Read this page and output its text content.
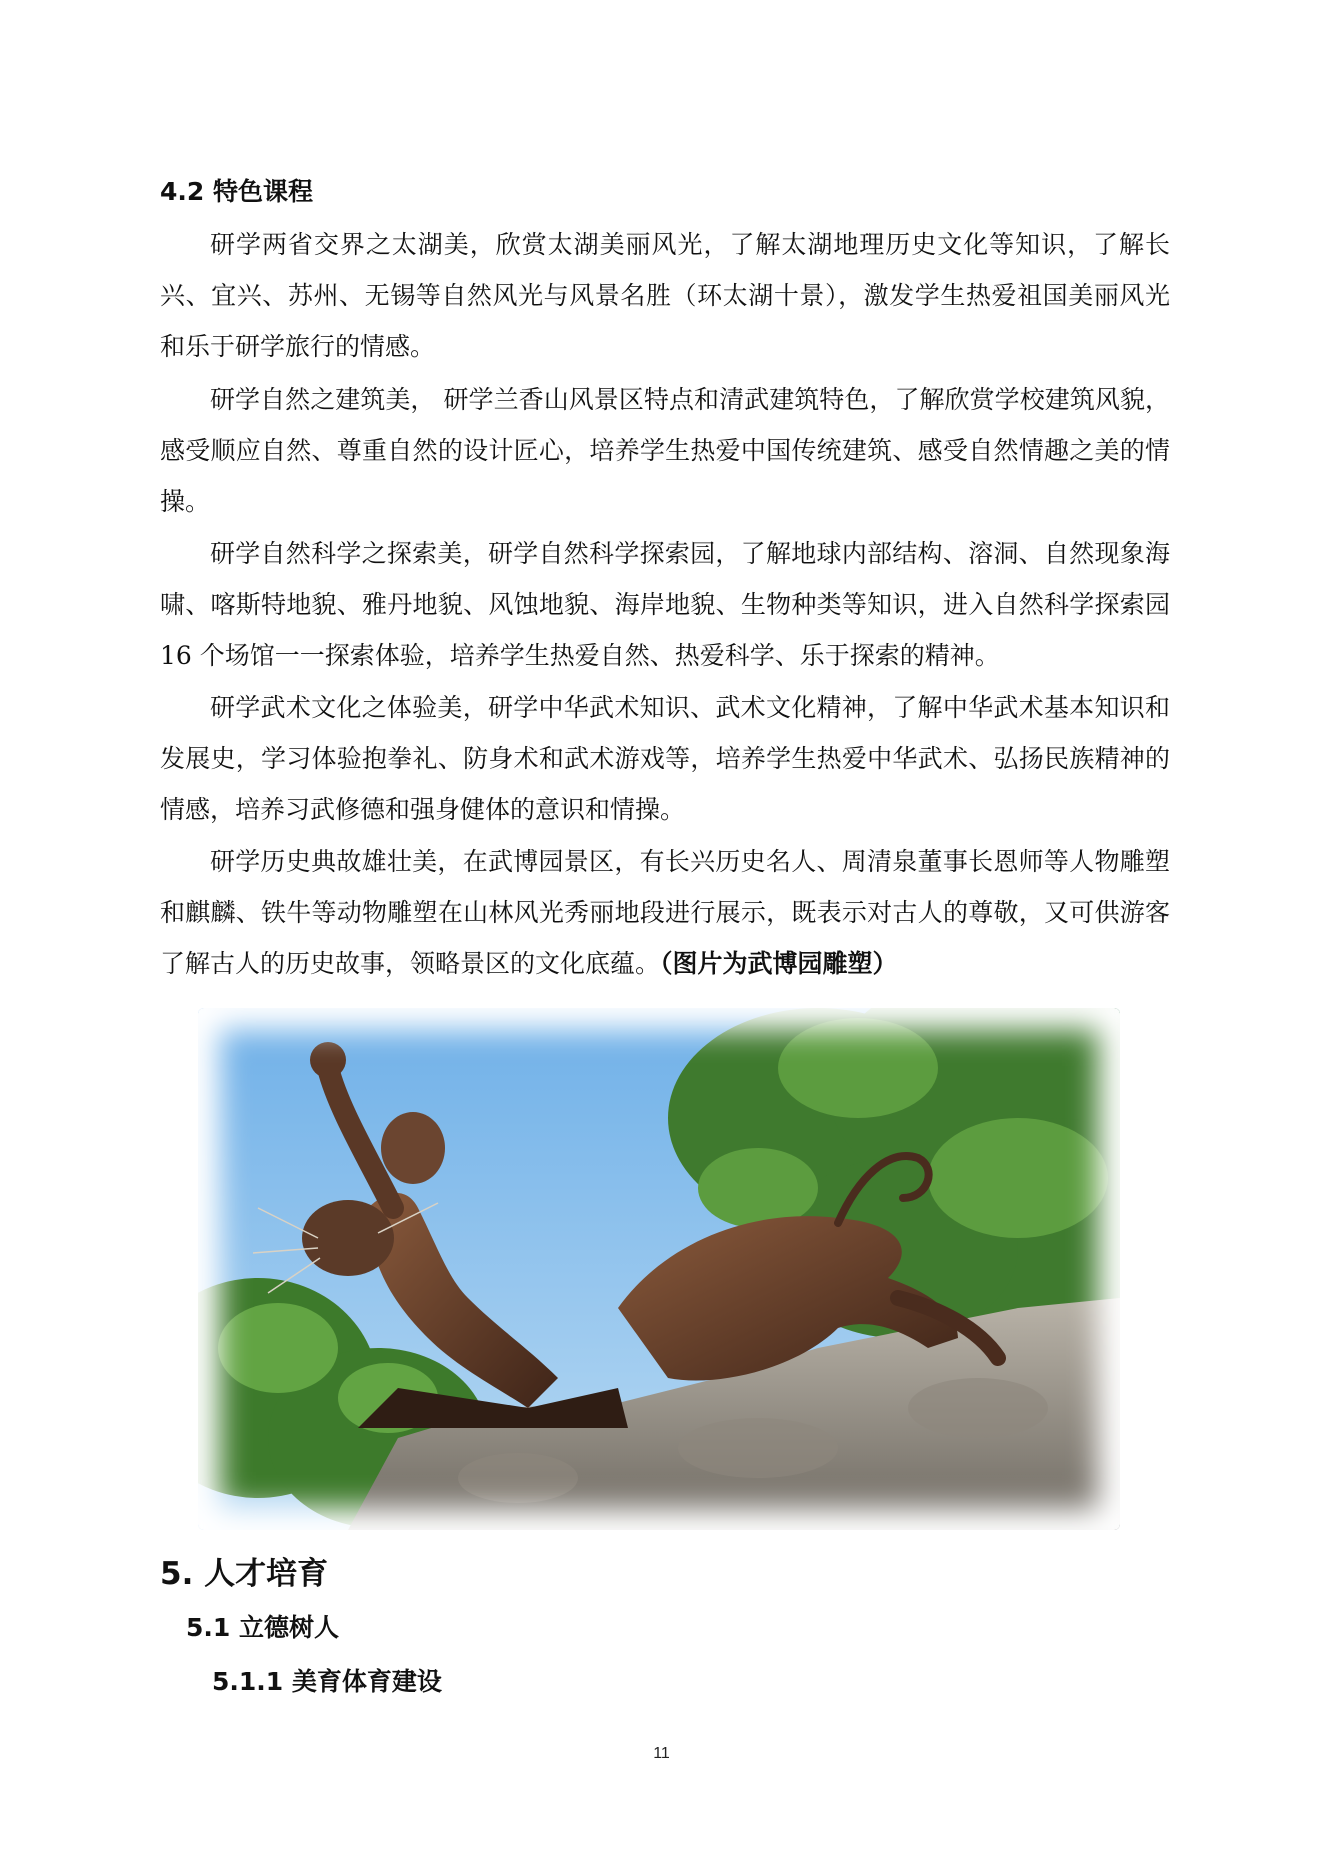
4.2 特色课程

研学两省交界之太湖美，欣赏太湖美丽风光，了解太湖地理历史文化等知识，了解长兴、宜兴、苏州、无锡等自然风光与风景名胜（环太湖十景），激发学生热爱祖国美丽风光和乐于研学旅行的情感。

研学自然之建筑美， 研学兰香山风景区特点和清武建筑特色，了解欣赏学校建筑风貌，感受顺应自然、尊重自然的设计匠心，培养学生热爱中国传统建筑、感受自然情趣之美的情操。

研学自然科学之探索美，研学自然科学探索园，了解地球内部结构、溶洞、自然现象海啸、喀斯特地貌、雅丹地貌、风蚀地貌、海岸地貌、生物种类等知识，进入自然科学探索园 16 个场馆一一探索体验，培养学生热爱自然、热爱科学、乐于探索的精神。

研学武术文化之体验美，研学中华武术知识、武术文化精神，了解中华武术基本知识和发展史，学习体验抱拳礼、防身术和武术游戏等，培养学生热爱中华武术、弘扬民族精神的情感，培养习武修德和强身健体的意识和情操。

研学历史典故雄壮美，在武博园景区，有长兴历史名人、周清泉董事长恩师等人物雕塑和麒麟、铁牛等动物雕塑在山林风光秀丽地段进行展示，既表示对古人的尊敬，又可供游客了解古人的历史故事，领略景区的文化底蕴。（图片为武博园雕塑）

5. 人才培育
5.1 立德树人
5.1.1 美育体育建设
11
